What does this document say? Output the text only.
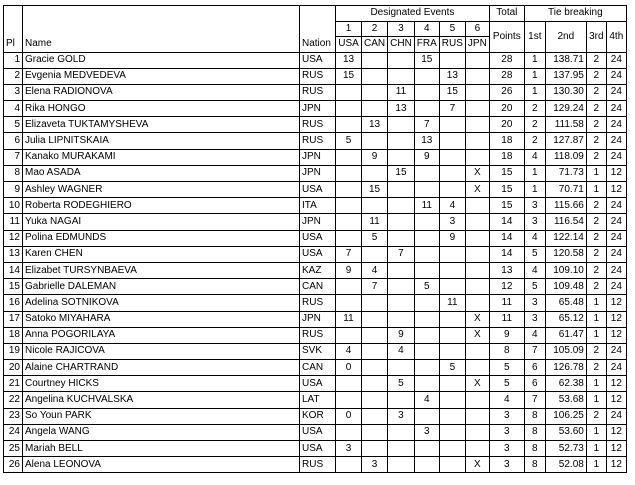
			Designated Events						Total	Tie breaking			
			1	2	3	4	5	6	Points	1st	2nd	3rd	4th
Pl	Name	Nation	USA	CAN	CHN	FRA	RUS	JPN					
1	Gracie GOLD	USA	13			15			28	1	138.71	2	24
2	Evgenia MEDVEDEVA	RUS	15				13		28	1	137.95	2	24
3	Elena RADIONOVA	RUS			11		15		26	1	130.30	2	24
4	Rika HONGO	JPN			13		7		20	2	129.24	2	24
5	Elizaveta TUKTAMYSHEVA	RUS		13		7			20	2	111.58	2	24
6	Julia LIPNITSKAIA	RUS	5			13			18	2	127.87	2	24
7	Kanako MURAKAMI	JPN		9		9			18	4	118.09	2	24
8	Mao ASADA	JPN			15			X	15	1	71.73	1	12
9	Ashley WAGNER	USA		15				X	15	1	70.71	1	12
10	Roberta RODEGHIERO	ITA				11	4		15	3	115.66	2	24
11	Yuka NAGAI	JPN		11			3		14	3	116.54	2	24
12	Polina EDMUNDS	USA		5			9		14	4	122.14	2	24
13	Karen CHEN	USA	7		7				14	5	120.58	2	24
14	Elizabet TURSYNBAEVA	KAZ	9	4					13	4	109.10	2	24
15	Gabrielle DALEMAN	CAN		7		5			12	5	109.48	2	24
16	Adelina SOTNIKOVA	RUS					11		11	3	65.48	1	12
17	Satoko MIYAHARA	JPN	11					X	11	3	65.12	1	12
18	Anna POGORILAYA	RUS			9			X	9	4	61.47	1	12
19	Nicole RAJICOVA	SVK	4		4				8	7	105.09	2	24
20	Alaine CHARTRAND	CAN	0				5		5	6	126.78	2	24
21	Courtney HICKS	USA			5			X	5	6	62.38	1	12
22	Angelina KUCHVALSKA	LAT				4			4	7	53.68	1	12
23	So Youn PARK	KOR	0		3				3	8	106.25	2	24
24	Angela WANG	USA				3			3	8	53.60	1	12
25	Mariah BELL	USA	3						3	8	52.73	1	12
26	Alena LEONOVA	RUS		3				X	3	8	52.08	1	12
